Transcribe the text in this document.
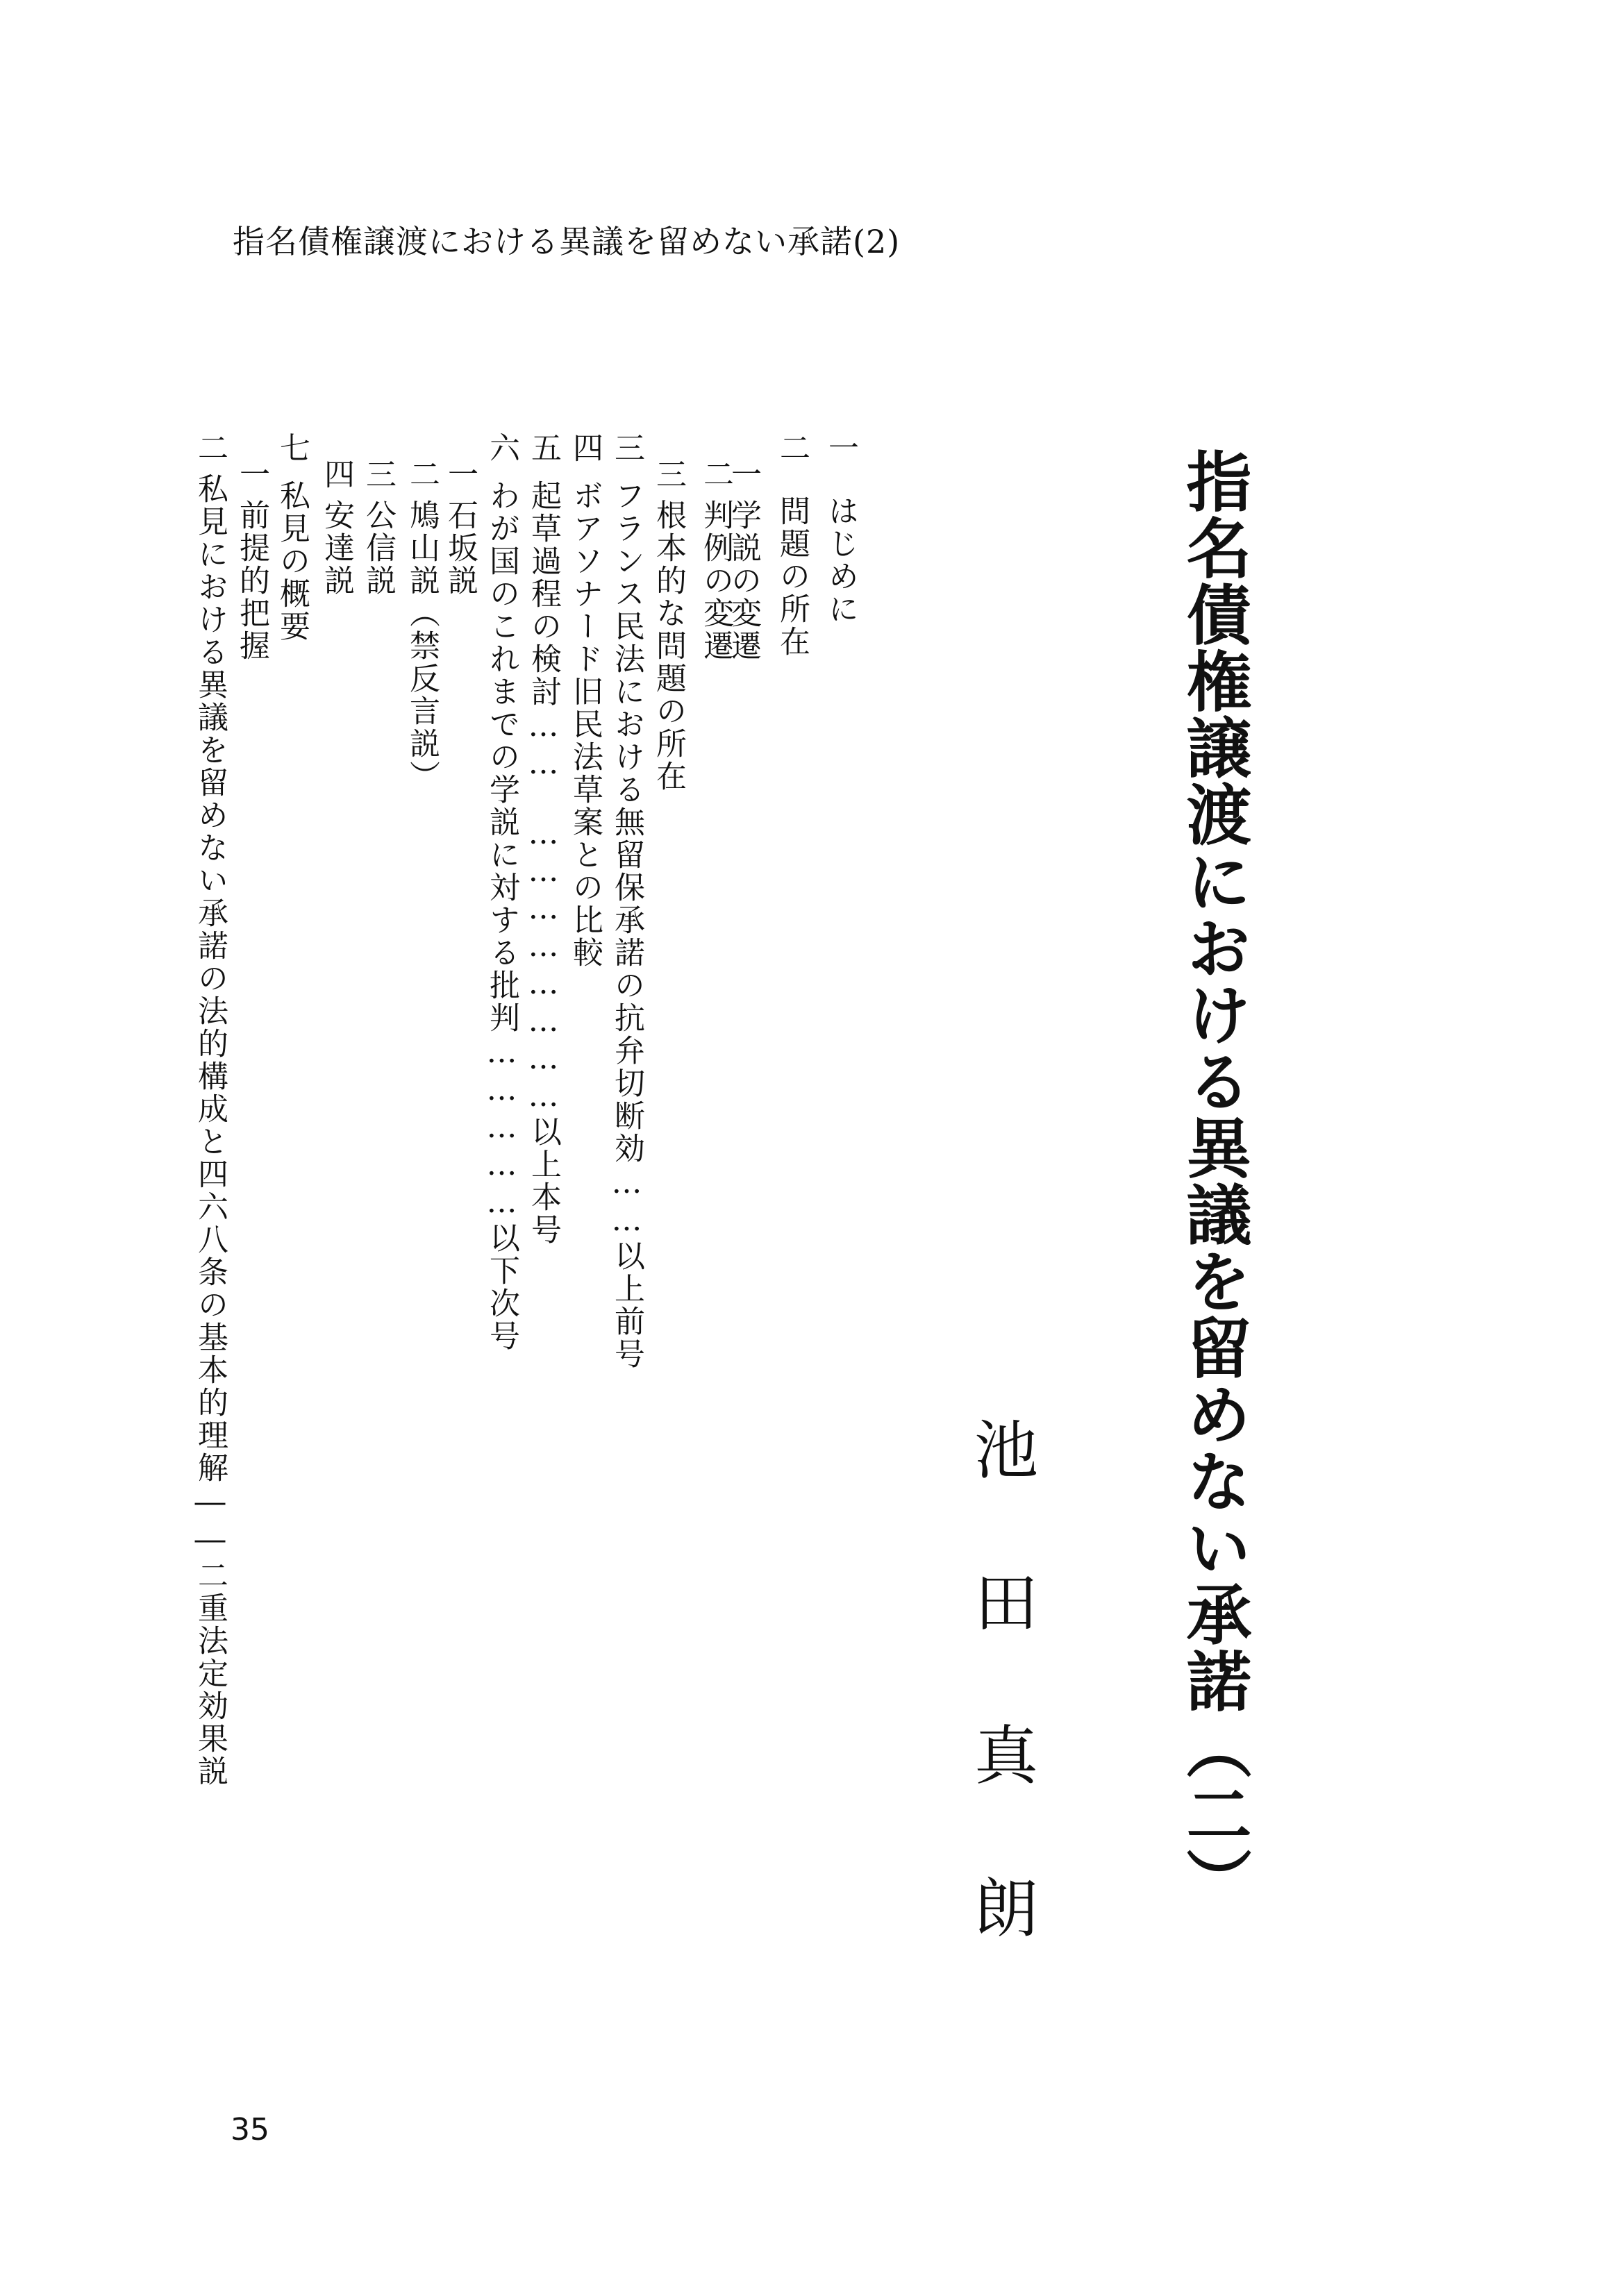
指名債権譲渡における異議を留めない承諾(2)
指名債権譲渡における異議を留めない承諾（二）
池田真朗
一はじめに
二問題の所在
一学説の変遷
二判例の変遷
三根本的な問題の所在
三フランス民法における無留保承諾の抗弁切断効……以上前号
四ボアソナード旧民法草案との比較
五起草過程の検討……　……………………以上本号
六わが国のこれまでの学説に対する批判……………以下次号
一石坂説
二鳩山説（禁反言説）
三公信説
四安達説
七私見の概要
一前提的把握
二私見における異議を留めない承諾の法的構成と四六八条の基本的理解――二重法定効果説
35
